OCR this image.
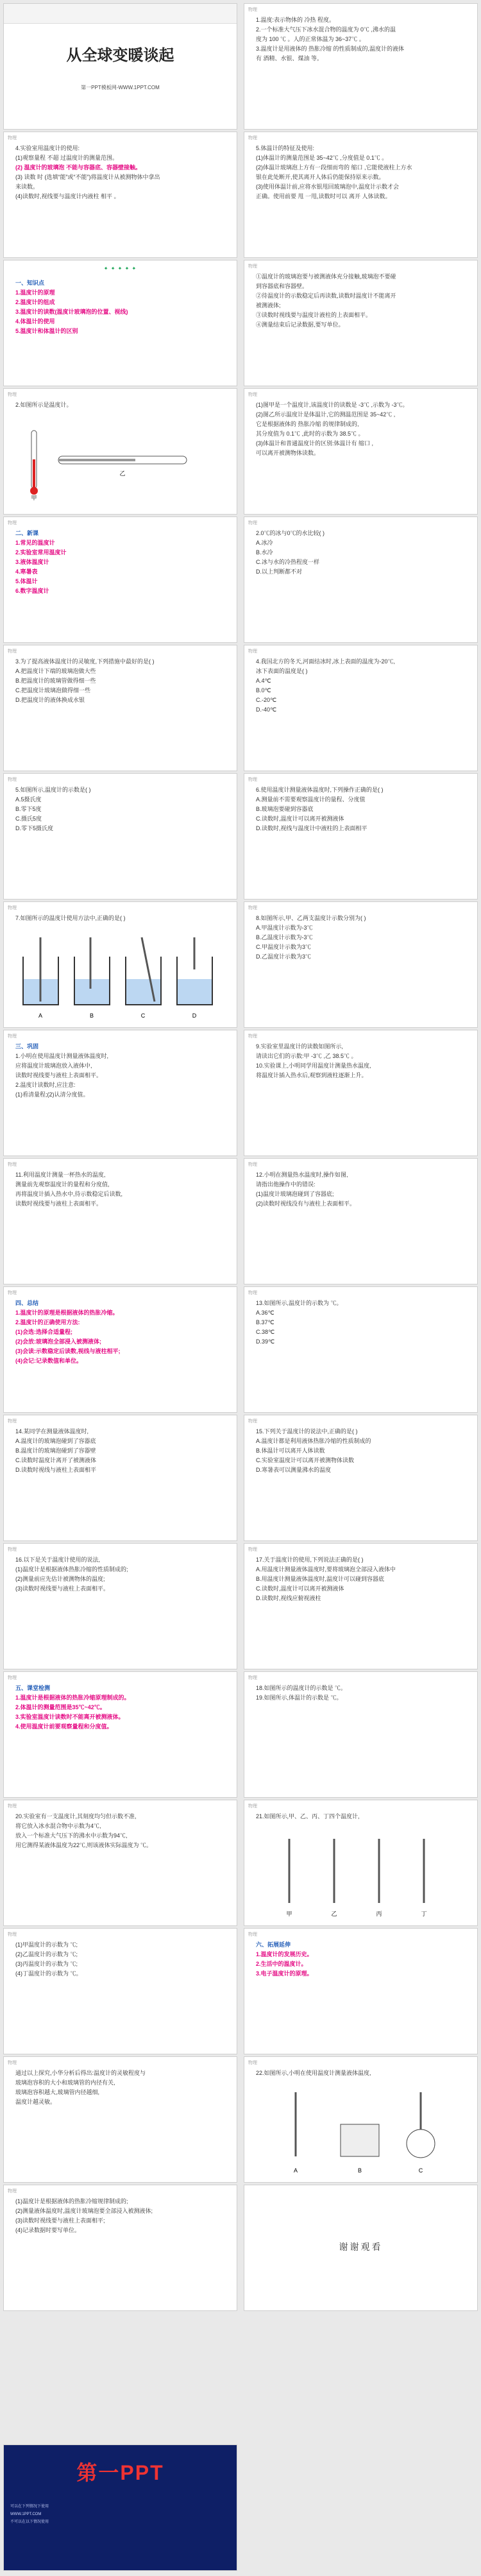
从全球变暖谈起
第一PPT模板网-WWW.1PPT.COM
物理

1.温度:表示物体的 冷热 程度。

2.一个标准大气压下冰水混合物的温度为 0℃ ,沸水的温

度为 100 ℃ 。人的正常体温为 36~37℃ 。

3.温度计是用液体的 热胀冷缩 的性质制成的,温度计的液体

有 酒精、水银、煤油 等。

物理

4.实验室用温度计的使用:

(1)观察量程 不超 过温度计的测量范围。

(2) 温度计的玻璃泡 不能与容器底、容器壁接触。

(3) 读数 时 (选填“能”或“不能”)将温度计从被测物体中拿出

来读数。

(4)读数时,视线要与温度计内液柱 相平 。

物理

5.体温计的特征及使用:

(1)体温计的测量范围是 35~42℃ ,分度值是 0.1℃ 。

(2)体温计玻璃泡上方有一段细而弯的 缩口 ,它能使液柱上方水

银在此处断开,使其离开人体后仍能保持原来示数。

(3)使用体温计前,应将水银甩回玻璃泡中,温度计示数才会

正确。使用前要 甩 一甩,读数时可以 离开 人体读数。

✦ ✦ ✦ ✦ ✦

一、知识点

1.温度计的原理

2.温度计的组成

3.温度计的读数(温度计玻璃泡的位置、视线)

4.体温计的使用

5.温度计和体温计的区别

物理

①温度计的玻璃泡要与被测液体充分接触,玻璃泡不要碰

到容器底和容器壁。

②待温度计的示数稳定后再读数,读数时温度计不能离开

被测液体;

③读数时视线要与温度计液柱的上表面相平。

④测量结束后记录数据,要写单位。

物理

2.如图所示是温度计。

甲
乙
物理

(1)图甲是一个温度计,该温度计的读数是 -3℃ ,示数为 -3℃。

(2)图乙所示温度计是体温计,它的测温范围是 35~42℃ ,

它是根据液体的 热胀冷缩 的规律制成的,

其分度值为 0.1℃ ,此时的示数为 38.5℃ 。

(3)体温计和普通温度计的区别:体温计有 缩口 ,

可以离开被测物体读数。

物理

二、新课

1.常见的温度计

2.实验室常用温度计

3.液体温度计

4.寒暑表

5.体温计

6.数字温度计

物理

2.0℃的冰与0℃的水比较( )

A.冰冷

B.水冷

C.冰与水的冷热程度一样

D.以上判断都不对

物理

3.为了提高液体温度计的灵敏度,下列措施中最好的是( )

A.把温度计下端的玻璃泡做大些

B.把温度计的玻璃管做得细一些

C.把温度计玻璃泡做得细一些

D.把温度计的液体换成水银

物理

4.我国北方的冬天,河面结冰时,冰上表面的温度为-20℃,

冰下表面的温度是( )

A.4℃

B.0℃

C.-20℃

D.-40℃

物理

5.如图所示,温度计的示数是( )

A.5摄氏度

B.零下5度

C.摄氏5度

D.零下5摄氏度

物理

6.使用温度计测量液体温度时,下列操作正确的是( )

A.测量前不需要观察温度计的量程、分度值

B.玻璃泡要碰到容器底

C.读数时,温度计可以离开被测液体

D.读数时,视线与温度计中液柱的上表面相平

物理

7.如图所示的温度计使用方法中,正确的是( )

A	B	C	D
物理

8.如图所示,甲、乙两支温度计示数分别为( )

A.甲温度计示数为-3℃

B.乙温度计示数为-3℃

C.甲温度计示数为3℃

D.乙温度计示数为3℃

物理

三、巩固

1.小明在使用温度计测量液体温度时,

应将温度计玻璃泡放入液体中,

读数时视线要与液柱上表面相平。

2.温度计读数时,应注意:

(1)看清量程;(2)认清分度值。

物理

9.实验室里温度计的读数如图所示,

请读出它们的示数:甲 -3℃ ,乙 38.5℃ 。

10.实验课上,小明同学用温度计测量热水温度,

将温度计插入热水后,观察到液柱逐渐上升。

物理

11.利用温度计测量一杯热水的温度,

测量前先观察温度计的量程和分度值,

再将温度计插入热水中,待示数稳定后读数,

读数时视线要与液柱上表面相平。

物理

12.小明在测量热水温度时,操作如图,

请指出他操作中的错误:

(1)温度计玻璃泡碰到了容器底;

(2)读数时视线没有与液柱上表面相平。

物理

四、总结

1.温度计的原理是根据液体的热胀冷缩。

2.温度计的正确使用方法:

(1)会选:选择合适量程;

(2)会放:玻璃泡全部浸入被测液体;

(3)会读:示数稳定后读数,视线与液柱相平;

(4)会记:记录数值和单位。

物理

13.如图所示,温度计的示数为 ℃。

A.36℃

B.37℃

C.38℃

D.39℃

物理

14.某同学在测量液体温度时,

A.温度计的玻璃泡碰到了容器底

B.温度计的玻璃泡碰到了容器壁

C.读数时温度计离开了被测液体

D.读数时视线与液柱上表面相平

物理

15.下列关于温度计的说法中,正确的是( )

A.温度计都是利用液体热胀冷缩的性质制成的

B.体温计可以离开人体读数

C.实验室温度计可以离开被测物体读数

D.寒暑表可以测量沸水的温度

物理

16.以下是关于温度计使用的说法,

(1)温度计是根据液体热胀冷缩的性质制成的;

(2)测量前应先估计被测物体的温度;

(3)读数时视线要与液柱上表面相平。

物理

17.关于温度计的使用,下列说法正确的是( )

A.用温度计测量液体温度时,要将玻璃泡全部浸入液体中

B.用温度计测量液体温度时,温度计可以碰到容器底

C.读数时,温度计可以离开被测液体

D.读数时,视线应俯视液柱

物理

五、课堂检测

1.温度计是根据液体的热胀冷缩原理制成的。

2.体温计的测量范围是35℃~42℃。

3.实验室温度计读数时不能离开被测液体。

4.使用温度计前要观察量程和分度值。

物理

18.如图所示的温度计的示数是 ℃。

19.如图所示,体温计的示数是 ℃。

物理

20.实验室有一支温度计,其刻度均匀但示数不准,

将它放入冰水混合物中示数为4℃,

放入一个标准大气压下的沸水中示数为94℃,

用它测得某液体温度为22℃,则该液体实际温度为 ℃。

物理

21.如图所示,甲、乙、丙、丁四个温度计,

甲	乙	丙	丁
物理

(1)甲温度计的示数为 ℃;

(2)乙温度计的示数为 ℃;

(3)丙温度计的示数为 ℃;

(4)丁温度计的示数为 ℃。

物理

六、拓展延伸

1.温度计的发展历史。

2.生活中的温度计。

3.电子温度计的原理。

物理

通过以上探究,小华分析后得出:温度计的灵敏程度与

玻璃泡容积的大小和玻璃管的内径有关,

玻璃泡容积越大,玻璃管内径越细,

温度计越灵敏。

物理

22.如图所示,小明在使用温度计测量液体温度,

A	B	C
物理

(1)温度计是根据液体的热胀冷缩规律制成的;

(2)测量液体温度时,温度计玻璃泡要全部浸入被测液体;

(3)读数时视线要与液柱上表面相平;

(4)记录数据时要写单位。

谢谢观看
第一PPT
可以在下列情况下使用
WWW.1PPT.COM
不可以在以下情况使用
